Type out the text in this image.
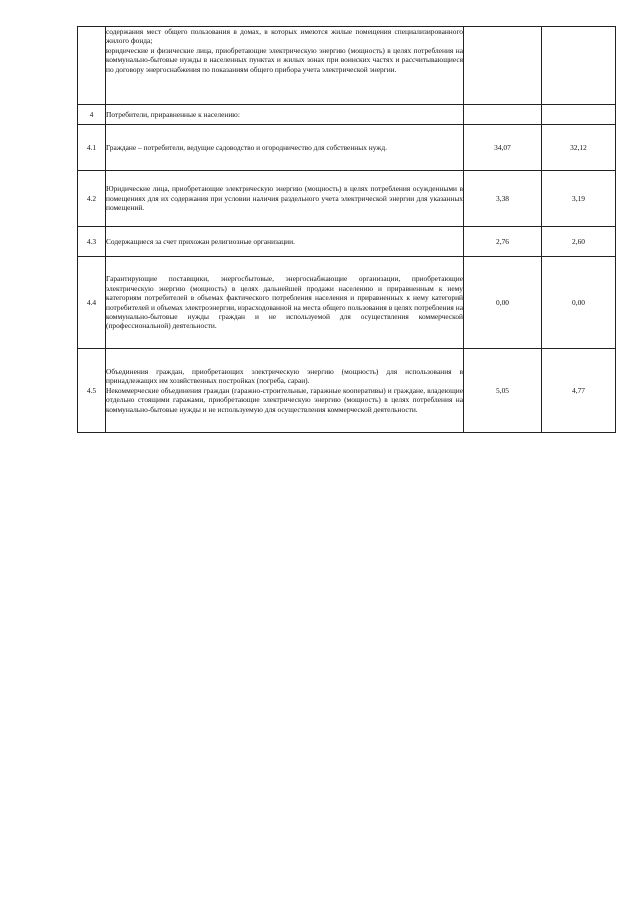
	содержания мест общего пользования в домах, в которых имеются жилые помещения специализированного жилого фонда;
юридические и физические лица, приобретающие электрическую энергию (мощность) в целях потребления на коммунально-бытовые нужды в населенных пунктах и жилых зонах при воинских частях и рассчитывающиеся по договору энергоснабжения по показаниям общего прибора учета электрической энергии.		

4	Потребители, приравненные к населению:		

4.1	Граждане – потребители, ведущие садоводство и огородничество для собственных нужд.	34,07	32,12
4.2	Юридические лица, приобретающие электрическую энергию (мощность) в целях потребления осужденными в помещениях для их содержания при условии наличия раздельного учета электрической энергии для указанных помещений.	3,38	3,19
4.3	Содержащиеся за счет прихожан религиозные организации.	2,76	2,60
4.4	Гарантирующие поставщики, энергосбытовые, энергоснабжающие организации, приобретающие электрическую энергию (мощность) в целях дальнейшей продажи населению и приравненным к нему категориям потребителей в объемах фактического потребления населения и приравненных к нему категорий потребителей и объемах электроэнергии, израсходованной на места общего пользования в целях потребления на коммунально-бытовые нужды граждан и не используемой для осуществления коммерческой (профессиональной) деятельности.	0,00	0,00
4.5	Объединения граждан, приобретающих электрическую энергию (мощность) для использования в принадлежащих им хозяйственных постройках (погреба, сараи).
Некоммерческие объединения граждан (гаражно-строительные, гаражные кооперативы) и граждане, владеющие отдельно стоящими гаражами, приобретающие электрическую энергию (мощность) в целях потребления на коммунально-бытовые нужды и не используемую для осуществления коммерческой деятельности.	5,05	4,77
